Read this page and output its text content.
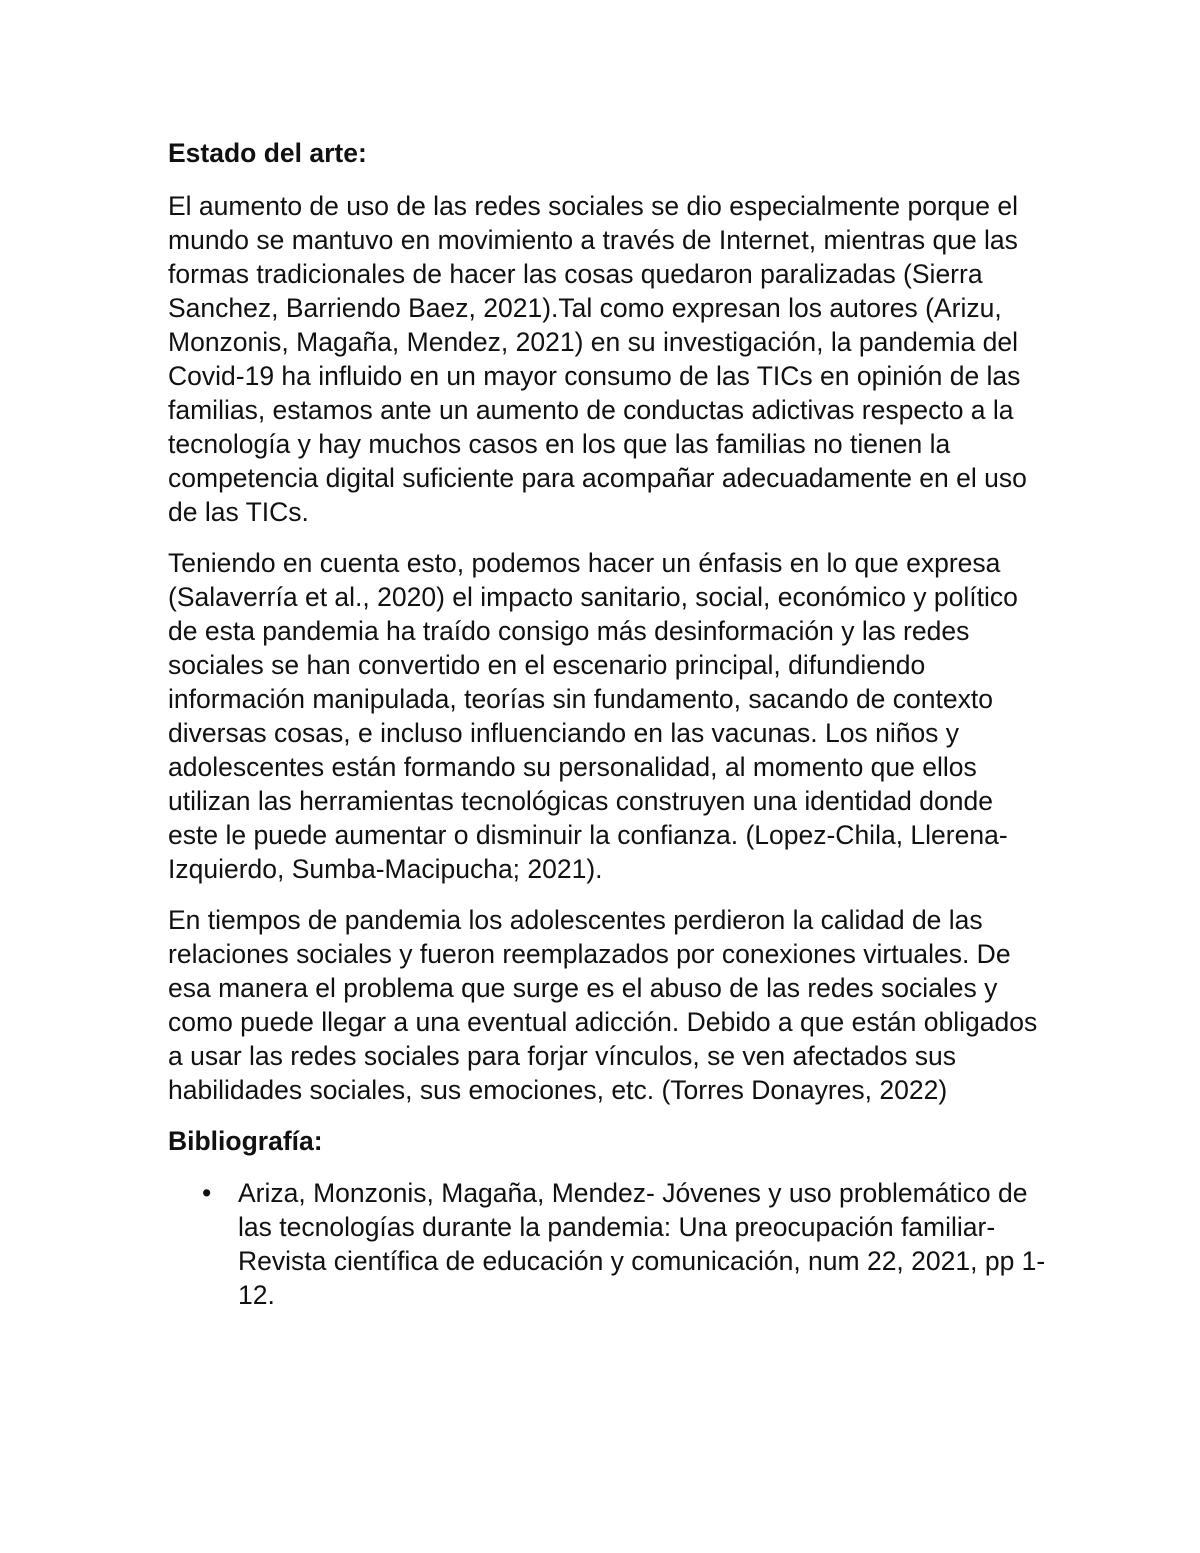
Estado del arte:

El aumento de uso de las redes sociales se dio especialmente porque el mundo se mantuvo en movimiento a través de Internet, mientras que las formas tradicionales de hacer las cosas quedaron paralizadas (Sierra Sanchez, Barriendo Baez, 2021).Tal como expresan los autores (Arizu, Monzonis, Magaña, Mendez, 2021) en su investigación, la pandemia del Covid-19 ha influido en un mayor consumo de las TICs en opinión de las familias, estamos ante un aumento de conductas adictivas respecto a la tecnología y hay muchos casos en los que las familias no tienen la competencia digital suficiente para acompañar adecuadamente en el uso de las TICs.

Teniendo en cuenta esto, podemos hacer un énfasis en lo que expresa (Salaverría et al., 2020) el impacto sanitario, social, económico y político de esta pandemia ha traído consigo más desinformación y las redes sociales se han convertido en el escenario principal, difundiendo información manipulada, teorías sin fundamento, sacando de contexto diversas cosas, e incluso influenciando en las vacunas. Los niños y adolescentes están formando su personalidad, al momento que ellos utilizan las herramientas tecnológicas construyen una identidad donde este le puede aumentar o disminuir la confianza. (Lopez-Chila, Llerena-Izquierdo, Sumba-Macipucha; 2021).

En tiempos de pandemia los adolescentes perdieron la calidad de las relaciones sociales y fueron reemplazados por conexiones virtuales. De esa manera el problema que surge es el abuso de las redes sociales y como puede llegar a una eventual adicción. Debido a que están obligados a usar las redes sociales para forjar vínculos, se ven afectados sus habilidades sociales, sus emociones, etc. (Torres Donayres, 2022)

Bibliografía:
• Ariza, Monzonis, Magaña, Mendez- Jóvenes y uso problemático de las tecnologías durante la pandemia: Una preocupación familiar- Revista científica de educación y comunicación, num 22, 2021, pp 1-12.
